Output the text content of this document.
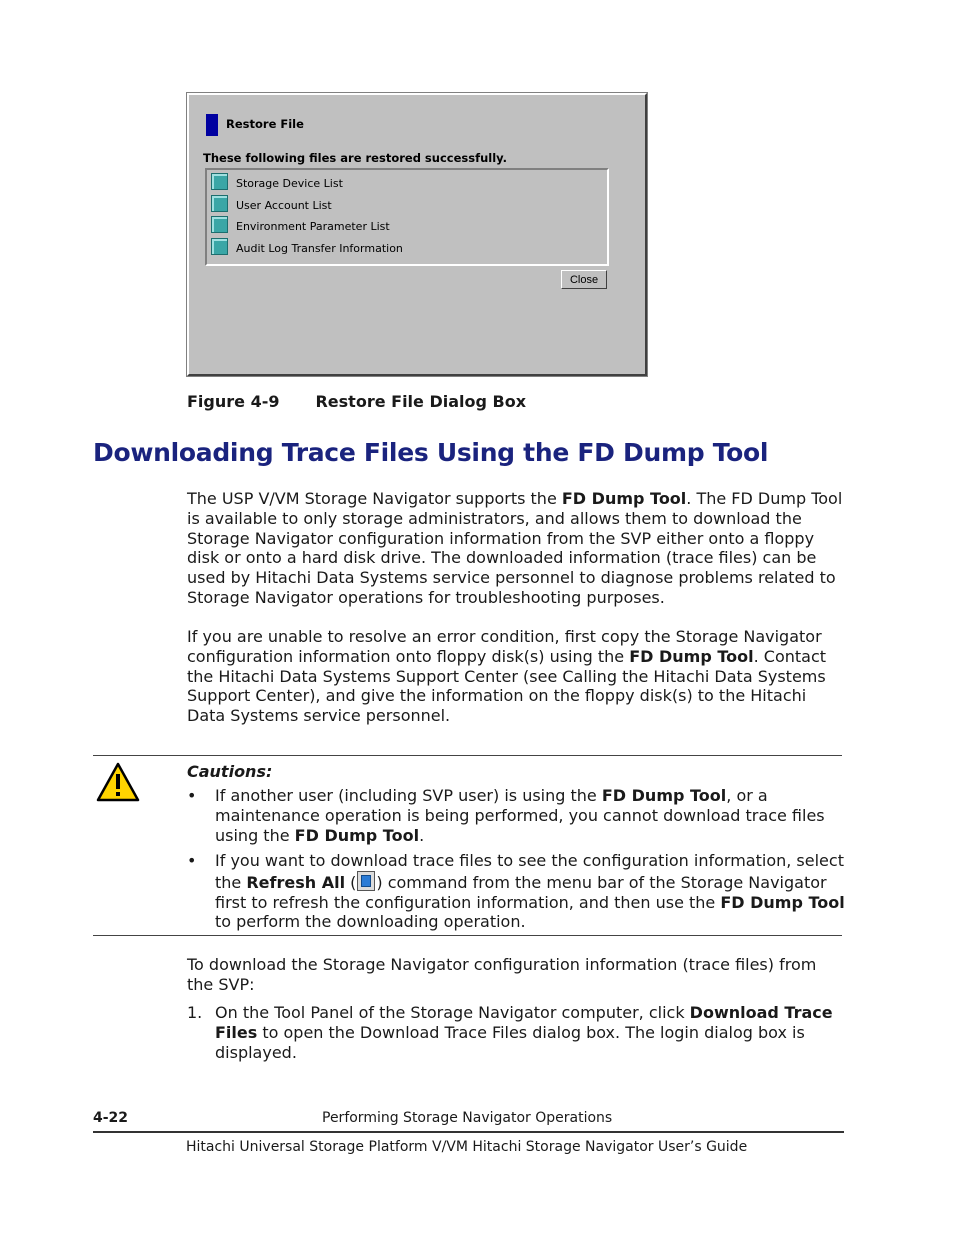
Restore File
These following files are restored successfully.
Storage Device List
User Account List
Environment Parameter List
Audit Log Transfer Information
Close
Figure 4-9 Restore File Dialog Box
Downloading Trace Files Using the FD Dump Tool
The USP V/VM Storage Navigator supports the FD Dump Tool. The FD Dump Tool is available to only storage administrators, and allows them to download the Storage Navigator configuration information from the SVP either onto a floppy disk or onto a hard disk drive. The downloaded information (trace files) can be used by Hitachi Data Systems service personnel to diagnose problems related to Storage Navigator operations for troubleshooting purposes.
If you are unable to resolve an error condition, first copy the Storage Navigator configuration information onto floppy disk(s) using the FD Dump Tool. Contact the Hitachi Data Systems Support Center (see Calling the Hitachi Data Systems Support Center), and give the information on the floppy disk(s) to the Hitachi Data Systems service personnel.
Cautions:
• If another user (including SVP user) is using the FD Dump Tool, or a maintenance operation is being performed, you cannot download trace files using the FD Dump Tool.
• If you want to download trace files to see the configuration information, select the Refresh All ( ) command from the menu bar of the Storage Navigator first to refresh the configuration information, and then use the FD Dump Tool to perform the downloading operation.
To download the Storage Navigator configuration information (trace files) from the SVP:
1. On the Tool Panel of the Storage Navigator computer, click Download Trace Files to open the Download Trace Files dialog box. The login dialog box is displayed.
4-22	Performing Storage Navigator Operations
Hitachi Universal Storage Platform V/VM Hitachi Storage Navigator User’s Guide
